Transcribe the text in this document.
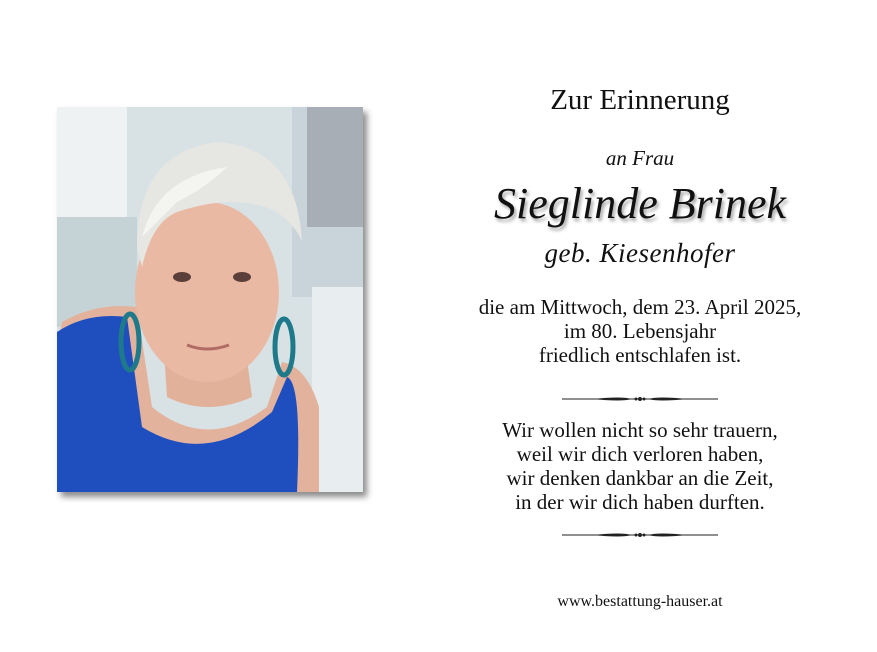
Zur Erinnerung
an Frau
Sieglinde Brinek
geb. Kiesenhofer
die am Mittwoch, dem 23. April 2025,
im 80. Lebensjahr
friedlich entschlafen ist.
Wir wollen nicht so sehr trauern,
weil wir dich verloren haben,
wir denken dankbar an die Zeit,
in der wir dich haben durften.
www.bestattung-hauser.at
